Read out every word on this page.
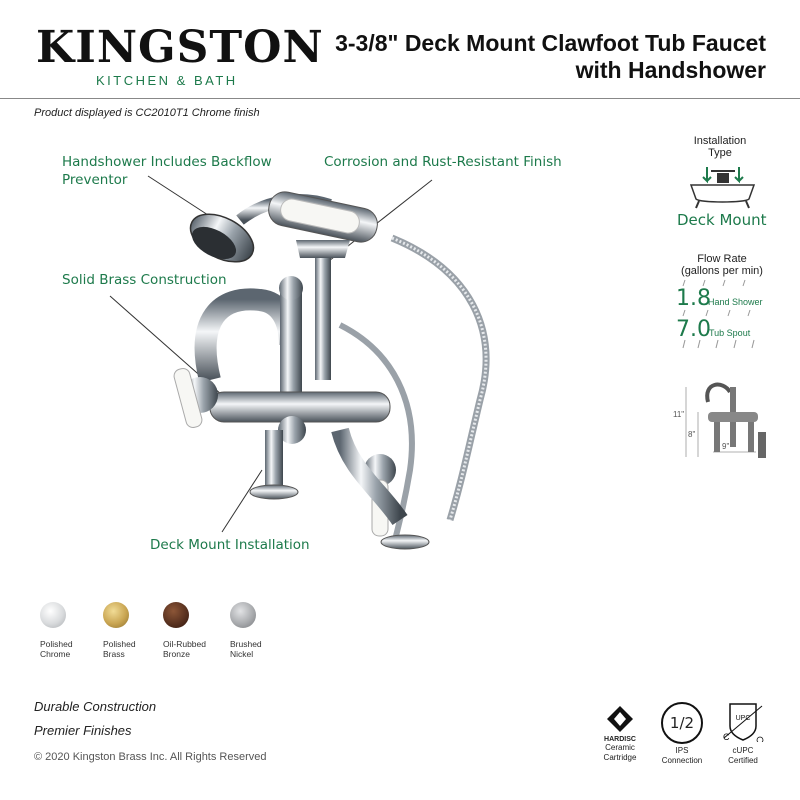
KINGSTON
KITCHEN & BATH
3-3/8" Deck Mount Clawfoot Tub Faucet
with Handshower
Product displayed is CC2010T1 Chrome finish
Handshower Includes Backflow
Preventor
Corrosion and Rust-Resistant Finish
Solid Brass Construction
Deck Mount Installation
Installation
Type
Deck Mount
Flow Rate
(gallons per min)
1.8
Hand Shower
7.0
Tub Spout
11"
8"
9"
Polished
Chrome
Polished
Brass
Oil-Rubbed
Bronze
Brushed
Nickel
Durable Construction
Premier Finishes
© 2020 Kingston Brass Inc. All Rights Reserved
HARDISC
Ceramic
Cartridge
1/2
IPS
Connection
UPC
C
cUPC
Certified
